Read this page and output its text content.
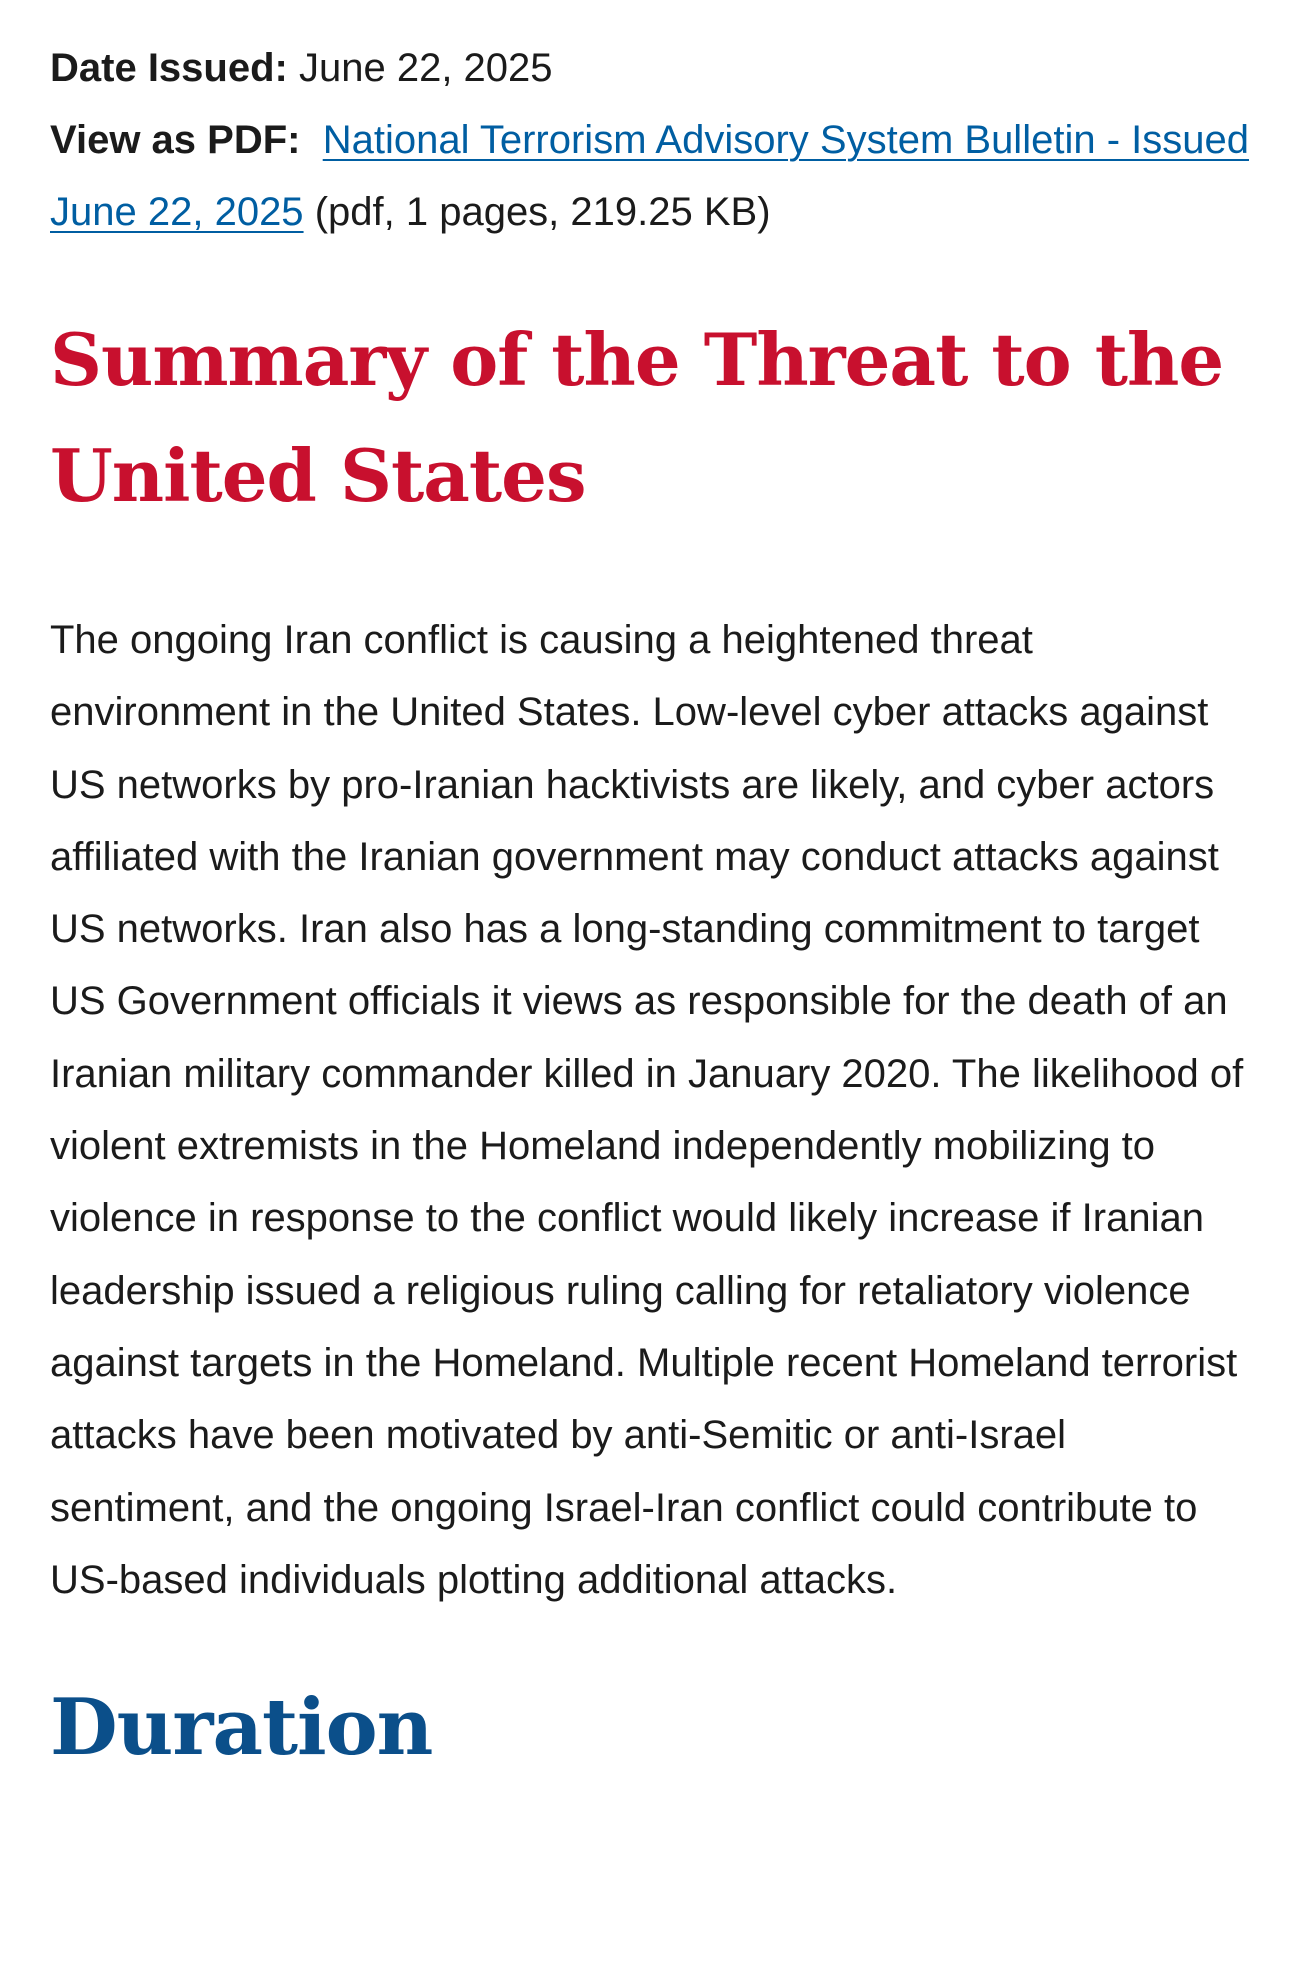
Date Issued: June 22, 2025

View as PDF: National Terrorism Advisory System Bulletin - Issued June 22, 2025 (pdf, 1 pages, 219.25 KB)

Summary of the Threat to the United States

The ongoing Iran conflict is causing a heightened threat environment in the United States. Low-level cyber attacks against US networks by pro-Iranian hacktivists are likely, and cyber actors affiliated with the Iranian government may conduct attacks against US networks. Iran also has a long-standing commitment to target US Government officials it views as responsible for the death of an Iranian military commander killed in January 2020. The likelihood of violent extremists in the Homeland independently mobilizing to violence in response to the conflict would likely increase if Iranian leadership issued a religious ruling calling for retaliatory violence against targets in the Homeland. Multiple recent Homeland terrorist attacks have been motivated by anti-Semitic or anti-Israel sentiment, and the ongoing Israel-Iran conflict could contribute to US-based individuals plotting additional attacks.

Duration
